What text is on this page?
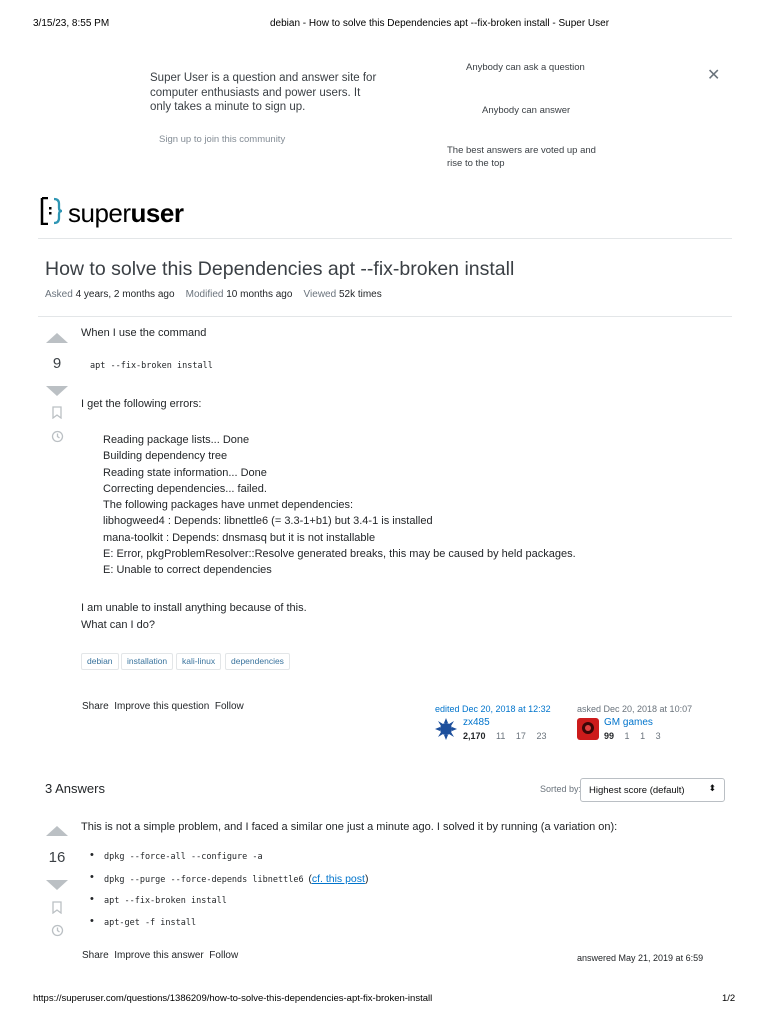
3/15/23, 8:55 PM	debian - How to solve this Dependencies apt --fix-broken install - Super User
Super User is a question and answer site for computer enthusiasts and power users. It only takes a minute to sign up.
Sign up to join this community
Anybody can ask a question
Anybody can answer
The best answers are voted up and rise to the top
✕
superuser
How to solve this Dependencies apt --fix-broken install
Asked 4 years, 2 months ago Modified 10 months ago Viewed 52k times
9
When I use the command
apt --fix-broken install
I get the following errors:
Reading package lists... Done
Building dependency tree
Reading state information... Done
Correcting dependencies... failed.
The following packages have unmet dependencies:
libhogweed4 : Depends: libnettle6 (= 3.3-1+b1) but 3.4-1 is installed
mana-toolkit : Depends: dnsmasq but it is not installable
E: Error, pkgProblemResolver::Resolve generated breaks, this may be caused by held packages.
E: Unable to correct dependencies
I am unable to install anything because of this.
What can I do?
debian	installation	kali-linux	dependencies
Share Improve this question Follow	edited Dec 20, 2018 at 12:32
zx485
2,170 11 17 23
asked Dec 20, 2018 at 10:07
GM games
99 1 1 3
3 Answers	Sorted by: Highest score (default)	⬍
16
This is not a simple problem, and I faced a similar one just a minute ago. I solved it by running (a variation on):
• dpkg --force-all --configure -a
• dpkg --purge --force-depends libnettle6 (cf. this post)
• apt --fix-broken install
• apt-get -f install
Share Improve this answer Follow	answered May 21, 2019 at 6:59
https://superuser.com/questions/1386209/how-to-solve-this-dependencies-apt-fix-broken-install	1/2
